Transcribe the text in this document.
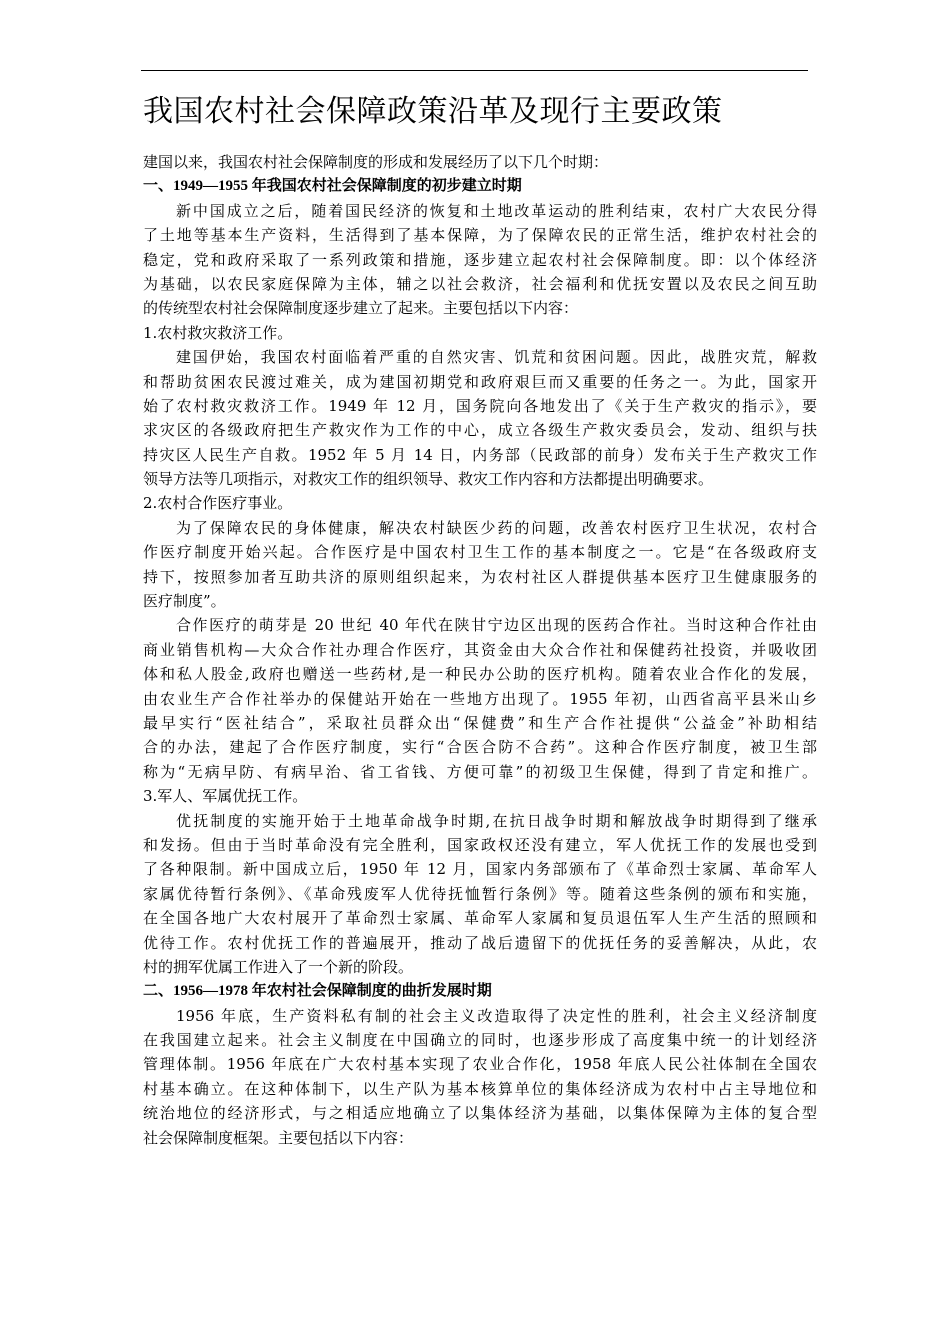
我国农村社会保障政策沿革及现行主要政策
建国以来，我国农村社会保障制度的形成和发展经历了以下几个时期：
一、1949—1955 年我国农村社会保障制度的初步建立时期
新中国成立之后，随着国民经济的恢复和土地改革运动的胜利结束，农村广大农民分得
了土地等基本生产资料，生活得到了基本保障，为了保障农民的正常生活，维护农村社会的
稳定，党和政府采取了一系列政策和措施，逐步建立起农村社会保障制度。即：以个体经济
为基础，以农民家庭保障为主体，辅之以社会救济，社会福利和优抚安置以及农民之间互助
的传统型农村社会保障制度逐步建立了起来。主要包括以下内容：
1.农村救灾救济工作。
建国伊始，我国农村面临着严重的自然灾害、饥荒和贫困问题。因此，战胜灾荒，解救
和帮助贫困农民渡过难关，成为建国初期党和政府艰巨而又重要的任务之一。为此，国家开
始了农村救灾救济工作。1949 年 12 月，国务院向各地发出了《关于生产救灾的指示》，要
求灾区的各级政府把生产救灾作为工作的中心，成立各级生产救灾委员会，发动、组织与扶
持灾区人民生产自救。1952 年 5 月 14 日，内务部（民政部的前身）发布关于生产救灾工作
领导方法等几项指示，对救灾工作的组织领导、救灾工作内容和方法都提出明确要求。
2.农村合作医疗事业。
为了保障农民的身体健康，解决农村缺医少药的问题，改善农村医疗卫生状况，农村合
作医疗制度开始兴起。合作医疗是中国农村卫生工作的基本制度之一。它是“在各级政府支
持下，按照参加者互助共济的原则组织起来，为农村社区人群提供基本医疗卫生健康服务的
医疗制度”。
合作医疗的萌芽是 20 世纪 40 年代在陕甘宁边区出现的医药合作社。当时这种合作社由
商业销售机构—大众合作社办理合作医疗，其资金由大众合作社和保健药社投资，并吸收团
体和私人股金,政府也赠送一些药材,是一种民办公助的医疗机构。随着农业合作化的发展，
由农业生产合作社举办的保健站开始在一些地方出现了。1955 年初，山西省高平县米山乡
最早实行“医社结合”，采取社员群众出“保健费”和生产合作社提供“公益金”补助相结
合的办法，建起了合作医疗制度，实行“合医合防不合药”。这种合作医疗制度，被卫生部
称为“无病早防、有病早治、省工省钱、方便可靠”的初级卫生保健，得到了肯定和推广。
3.军人、军属优抚工作。
优抚制度的实施开始于土地革命战争时期,在抗日战争时期和解放战争时期得到了继承
和发扬。但由于当时革命没有完全胜利，国家政权还没有建立，军人优抚工作的发展也受到
了各种限制。新中国成立后，1950 年 12 月，国家内务部颁布了《革命烈士家属、革命军人
家属优待暂行条例》、《革命残废军人优待抚恤暂行条例》等。随着这些条例的颁布和实施，
在全国各地广大农村展开了革命烈士家属、革命军人家属和复员退伍军人生产生活的照顾和
优待工作。农村优抚工作的普遍展开，推动了战后遗留下的优抚任务的妥善解决，从此，农
村的拥军优属工作进入了一个新的阶段。
二、1956—1978 年农村社会保障制度的曲折发展时期
1956 年底，生产资料私有制的社会主义改造取得了决定性的胜利，社会主义经济制度
在我国建立起来。社会主义制度在中国确立的同时，也逐步形成了高度集中统一的计划经济
管理体制。1956 年底在广大农村基本实现了农业合作化，1958 年底人民公社体制在全国农
村基本确立。在这种体制下，以生产队为基本核算单位的集体经济成为农村中占主导地位和
统治地位的经济形式，与之相适应地确立了以集体经济为基础，以集体保障为主体的复合型
社会保障制度框架。主要包括以下内容：
